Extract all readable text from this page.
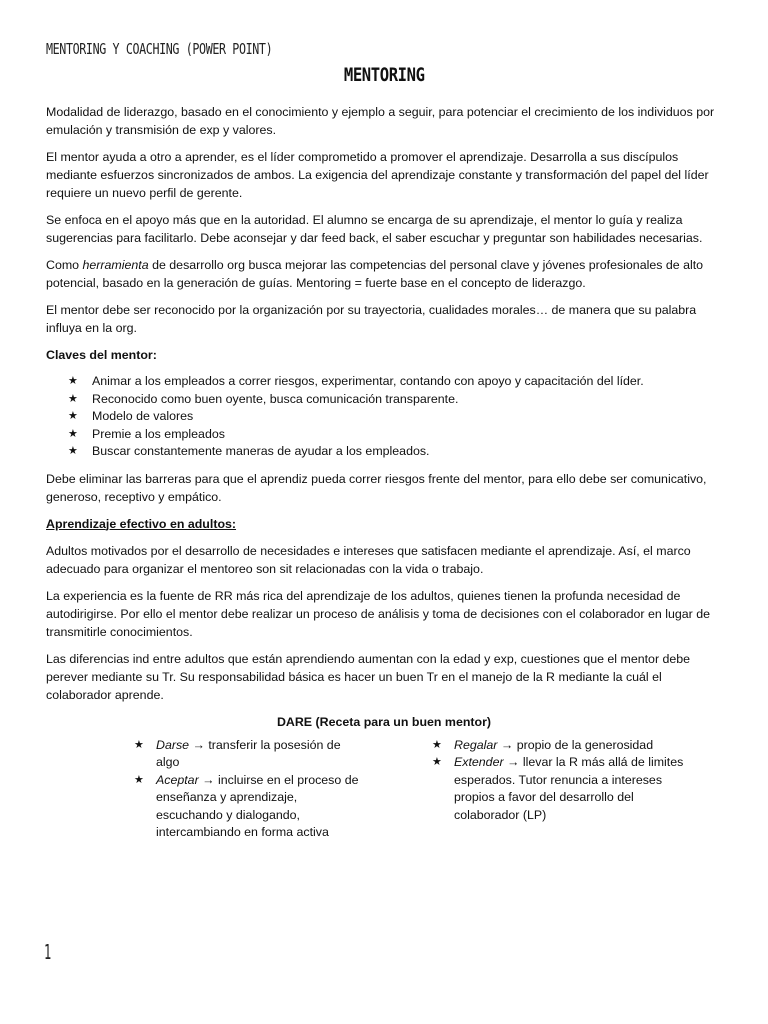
MENTORING Y COACHING (POWER POINT)
MENTORING

Modalidad de liderazgo, basado en el conocimiento y ejemplo a seguir, para potenciar el crecimiento de los individuos por emulación y transmisión de exp y valores.

El mentor ayuda a otro a aprender, es el líder comprometido a promover el aprendizaje. Desarrolla a sus discípulos mediante esfuerzos sincronizados de ambos. La exigencia del aprendizaje constante y transformación del papel del líder requiere un nuevo perfil de gerente.

Se enfoca en el apoyo más que en la autoridad. El alumno se encarga de su aprendizaje, el mentor lo guía y realiza sugerencias para facilitarlo. Debe aconsejar y dar feed back, el saber escuchar y preguntar son habilidades necesarias.

Como herramienta de desarrollo org busca mejorar las competencias del personal clave y jóvenes profesionales de alto potencial, basado en la generación de guías. Mentoring = fuerte base en el concepto de liderazgo.

El mentor debe ser reconocido por la organización por su trayectoria, cualidades morales… de manera que su palabra influya en la org.

Claves del mentor:
★ Animar a los empleados a correr riesgos, experimentar, contando con apoyo y capacitación del líder.
★ Reconocido como buen oyente, busca comunicación transparente.
★ Modelo de valores
★ Premie a los empleados
★ Buscar constantemente maneras de ayudar a los empleados.

Debe eliminar las barreras para que el aprendiz pueda correr riesgos frente del mentor, para ello debe ser comunicativo, generoso, receptivo y empático.

Aprendizaje efectivo en adultos:

Adultos motivados por el desarrollo de necesidades e intereses que satisfacen mediante el aprendizaje. Así, el marco adecuado para organizar el mentoreo son sit relacionadas con la vida o trabajo.

La experiencia es la fuente de RR más rica del aprendizaje de los adultos, quienes tienen la profunda necesidad de autodirigirse. Por ello el mentor debe realizar un proceso de análisis y toma de decisiones con el colaborador en lugar de transmitirle conocimientos.

Las diferencias ind entre adultos que están aprendiendo aumentan con la edad y exp, cuestiones que el mentor debe perever mediante su Tr. Su responsabilidad básica es hacer un buen Tr en el manejo de la R mediante la cuál el colaborador aprende.

DARE (Receta para un buen mentor)
★ Darse → transferir la posesión de algo
★ Aceptar → incluirse en el proceso de enseñanza y aprendizaje, escuchando y dialogando, intercambiando en forma activa
★ Regalar → propio de la generosidad
★ Extender → llevar la R más allá de limites esperados. Tutor renuncia a intereses propios a favor del desarrollo del colaborador (LP)
1
